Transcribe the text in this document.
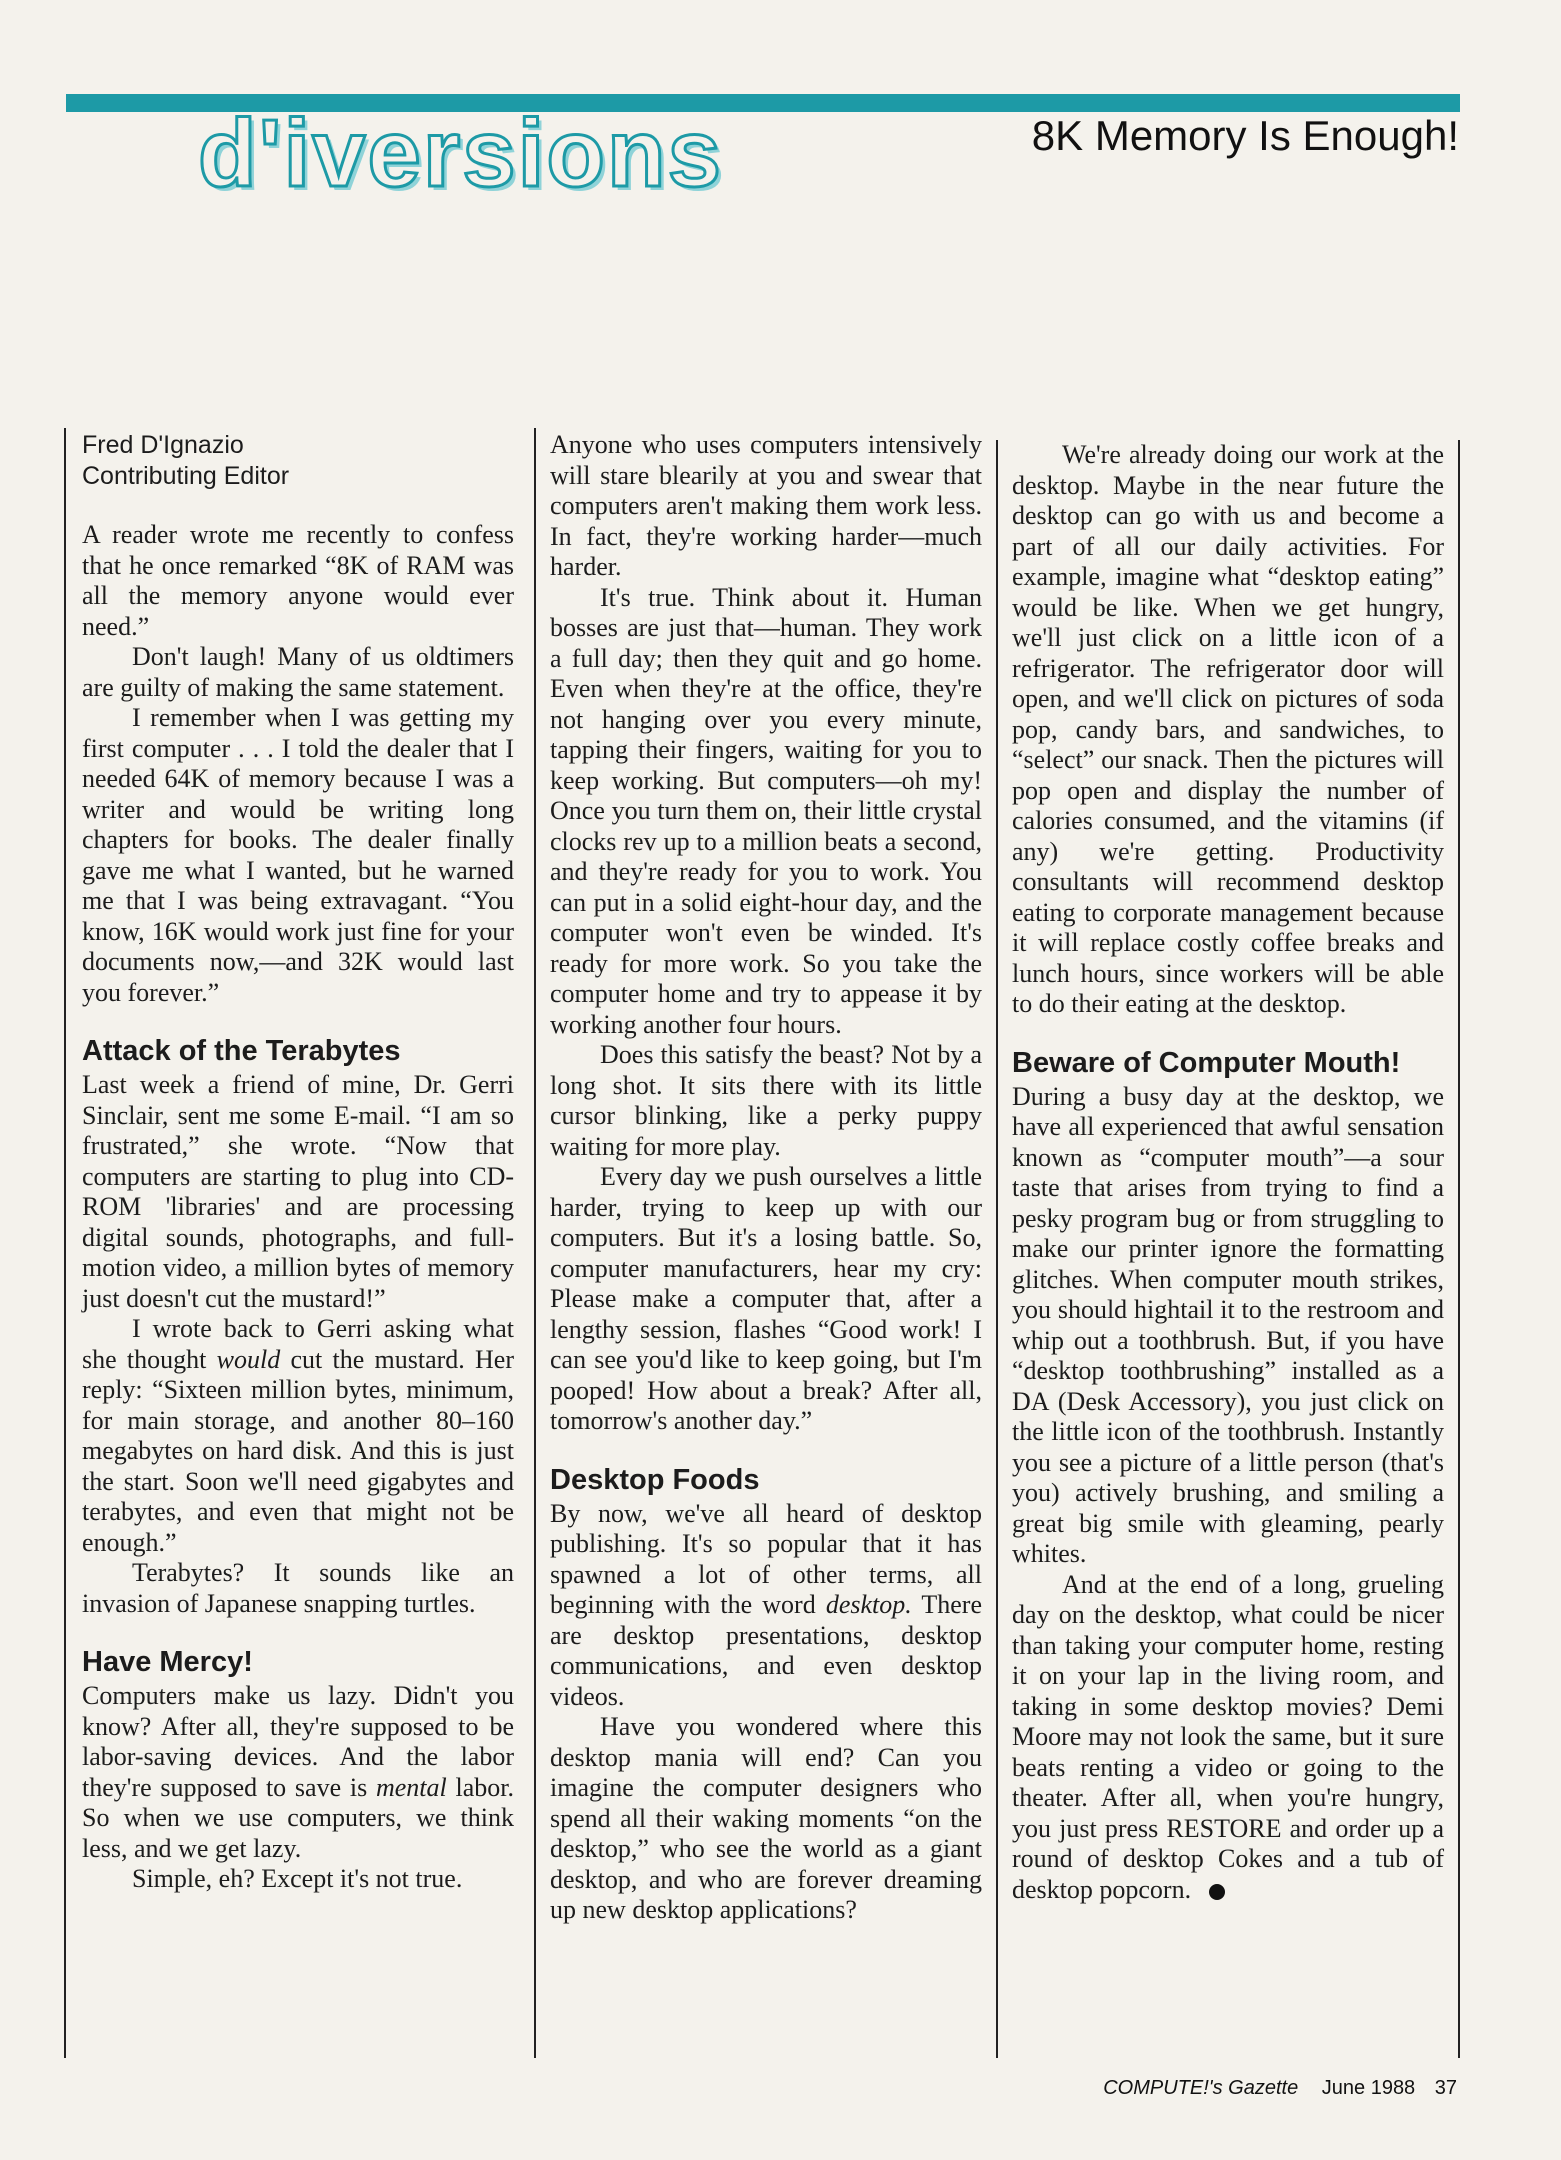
d'iversions	8K Memory Is Enough!
Fred D'Ignazio
Contributing Editor

A reader wrote me recently to confess that he once remarked “8K of RAM was all the memory anyone would ever need.”

Don't laugh! Many of us oldtimers are guilty of making the same statement.

I remember when I was getting my first computer . . . I told the dealer that I needed 64K of memory because I was a writer and would be writing long chapters for books. The dealer finally gave me what I wanted, but he warned me that I was being extravagant. “You know, 16K would work just fine for your documents now,—and 32K would last you forever.”

Attack of the Terabytes

Last week a friend of mine, Dr. Gerri Sinclair, sent me some E-mail. “I am so frustrated,” she wrote. “Now that computers are starting to plug into CD-ROM 'libraries' and are processing digital sounds, photographs, and full-motion video, a million bytes of memory just doesn't cut the mustard!”

I wrote back to Gerri asking what she thought would cut the mustard. Her reply: “Sixteen million bytes, minimum, for main storage, and another 80–160 megabytes on hard disk. And this is just the start. Soon we'll need gigabytes and terabytes, and even that might not be enough.”

Terabytes? It sounds like an invasion of Japanese snapping turtles.

Have Mercy!

Computers make us lazy. Didn't you know? After all, they're supposed to be labor-saving devices. And the labor they're supposed to save is mental labor. So when we use computers, we think less, and we get lazy.

Simple, eh? Except it's not true.

Anyone who uses computers intensively will stare blearily at you and swear that computers aren't making them work less. In fact, they're working harder—much harder.

It's true. Think about it. Human bosses are just that—human. They work a full day; then they quit and go home. Even when they're at the office, they're not hanging over you every minute, tapping their fingers, waiting for you to keep working. But computers—oh my! Once you turn them on, their little crystal clocks rev up to a million beats a second, and they're ready for you to work. You can put in a solid eight-hour day, and the computer won't even be winded. It's ready for more work. So you take the computer home and try to appease it by working another four hours.

Does this satisfy the beast? Not by a long shot. It sits there with its little cursor blinking, like a perky puppy waiting for more play.

Every day we push ourselves a little harder, trying to keep up with our computers. But it's a losing battle. So, computer manufacturers, hear my cry: Please make a computer that, after a lengthy session, flashes “Good work! I can see you'd like to keep going, but I'm pooped! How about a break? After all, tomorrow's another day.”

Desktop Foods

By now, we've all heard of desktop publishing. It's so popular that it has spawned a lot of other terms, all beginning with the word desktop. There are desktop presentations, desktop communications, and even desktop videos.

Have you wondered where this desktop mania will end? Can you imagine the computer designers who spend all their waking moments “on the desktop,” who see the world as a giant desktop, and who are forever dreaming up new desktop applications?

We're already doing our work at the desktop. Maybe in the near future the desktop can go with us and become a part of all our daily activities. For example, imagine what “desktop eating” would be like. When we get hungry, we'll just click on a little icon of a refrigerator. The refrigerator door will open, and we'll click on pictures of soda pop, candy bars, and sandwiches, to “select” our snack. Then the pictures will pop open and display the number of calories consumed, and the vitamins (if any) we're getting. Productivity consultants will recommend desktop eating to corporate management because it will replace costly coffee breaks and lunch hours, since workers will be able to do their eating at the desktop.

Beware of Computer Mouth!

During a busy day at the desktop, we have all experienced that awful sensation known as “computer mouth”—a sour taste that arises from trying to find a pesky program bug or from struggling to make our printer ignore the formatting glitches. When computer mouth strikes, you should hightail it to the restroom and whip out a toothbrush. But, if you have “desktop toothbrushing” installed as a DA (Desk Accessory), you just click on the little icon of the toothbrush. Instantly you see a picture of a little person (that's you) actively brushing, and smiling a great big smile with gleaming, pearly whites.

And at the end of a long, grueling day on the desktop, what could be nicer than taking your computer home, resting it on your lap in the living room, and taking in some desktop movies? Demi Moore may not look the same, but it sure beats renting a video or going to the theater. After all, when you're hungry, you just press RESTORE and order up a round of desktop Cokes and a tub of desktop popcorn.

COMPUTE!'s Gazette June 1988 37
